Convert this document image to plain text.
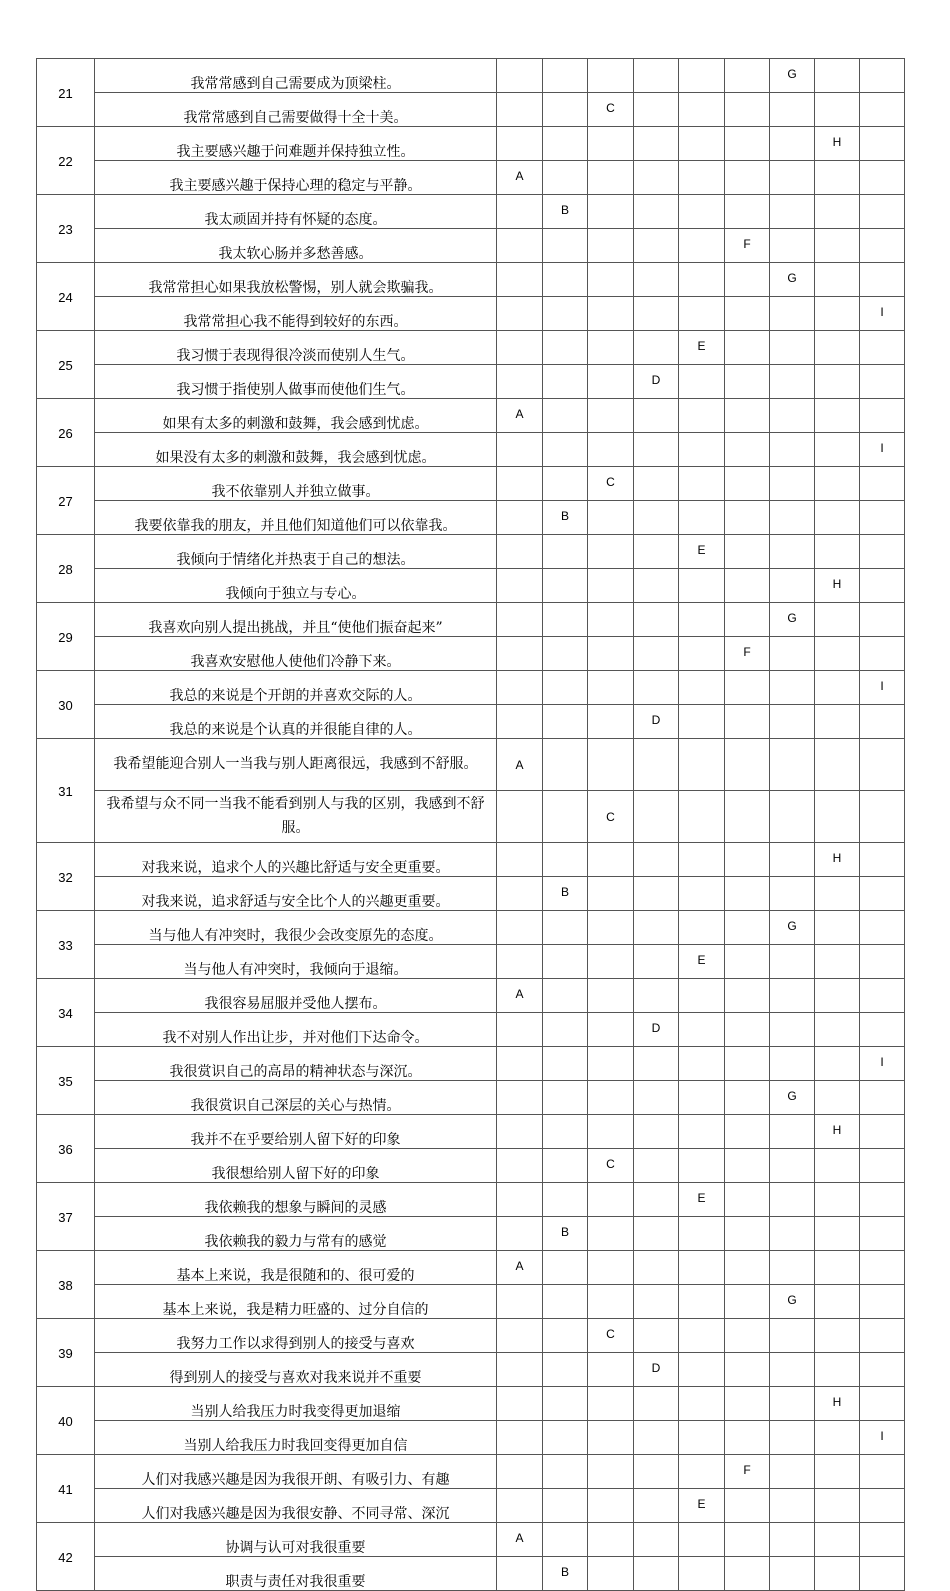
21	我常常感到自己需要成为顶梁柱。							G		
	我常常感到自己需要做得十全十美。			C						
22	我主要感兴趣于问难题并保持独立性。								H	
	我主要感兴趣于保持心理的稳定与平静。	A								
23	我太顽固并持有怀疑的态度。		B							
	我太软心肠并多愁善感。						F			
24	我常常担心如果我放松警惕，别人就会欺骗我。							G		
	我常常担心我不能得到较好的东西。									I
25	我习惯于表现得很冷淡而使别人生气。					E				
	我习惯于指使别人做事而使他们生气。				D					
26	如果有太多的刺激和鼓舞，我会感到忧虑。	A								
	如果没有太多的刺激和鼓舞，我会感到忧虑。									I
27	我不依靠别人并独立做事。			C						
	我要依靠我的朋友，并且他们知道他们可以依靠我。		B							
28	我倾向于情绪化并热衷于自己的想法。					E				
	我倾向于独立与专心。								H	
29	我喜欢向别人提出挑战，并且“使他们振奋起来”							G		
	我喜欢安慰他人使他们冷静下来。						F			
30	我总的来说是个开朗的并喜欢交际的人。									I
	我总的来说是个认真的并很能自律的人。				D					
31	我希望能迎合别人一当我与别人距离很远，我感到不舒服。	A								
	我希望与众不同一当我不能看到别人与我的区别，我感到不舒服。			C						
32	对我来说，追求个人的兴趣比舒适与安全更重要。								H	
	对我来说，追求舒适与安全比个人的兴趣更重要。		B							
33	当与他人有冲突时，我很少会改变原先的态度。							G		
	当与他人有冲突时，我倾向于退缩。					E				
34	我很容易屈服并受他人摆布。	A								
	我不对别人作出让步，并对他们下达命令。				D					
35	我很赏识自己的高昂的精神状态与深沉。									I
	我很赏识自己深层的关心与热情。							G		
36	我并不在乎要给别人留下好的印象								H	
	我很想给别人留下好的印象			C						
37	我依赖我的想象与瞬间的灵感					E				
	我依赖我的毅力与常有的感觉		B							
38	基本上来说，我是很随和的、很可爱的	A								
	基本上来说，我是精力旺盛的、过分自信的							G		
39	我努力工作以求得到别人的接受与喜欢			C						
	得到别人的接受与喜欢对我来说并不重要				D					
40	当别人给我压力时我变得更加退缩								H	
	当别人给我压力时我回变得更加自信									I
41	人们对我感兴趣是因为我很开朗、有吸引力、有趣						F			
	人们对我感兴趣是因为我很安静、不同寻常、深沉					E				
42	协调与认可对我很重要	A								
	职责与责任对我很重要		B							
